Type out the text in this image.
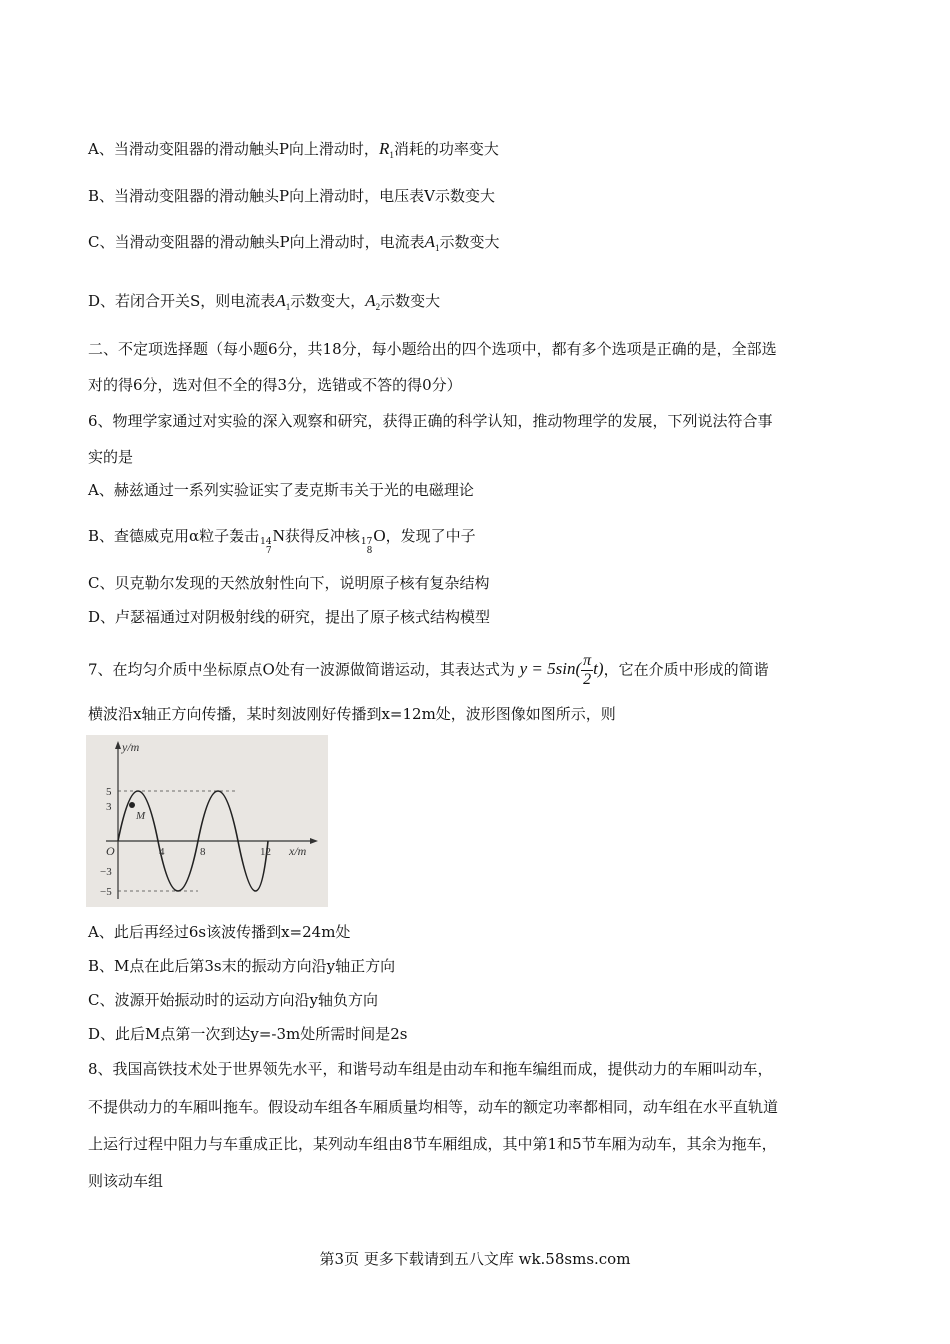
A、当滑动变阻器的滑动触头P向上滑动时，$R_1$消耗的功率变大
B、当滑动变阻器的滑动触头P向上滑动时，电压表V示数变大
C、当滑动变阻器的滑动触头P向上滑动时，电流表$A_1$示数变大
D、若闭合开关S，则电流表$A_1$示数变大，$A_2$示数变大
二、不定项选择题（每小题6分，共18分，每小题给出的四个选项中，都有多个选项是正确的是，全部选
对的得6分，选对但不全的得3分，选错或不答的得0分）
6、物理学家通过对实验的深入观察和研究，获得正确的科学认知，推动物理学的发展，下列说法符合事
实的是
A、赫兹通过一系列实验证实了麦克斯韦关于光的电磁理论
B、查德威克用α粒子轰击 14
7
N获得反冲核 17
8
O，发现了中子
C、贝克勒尔发现的天然放射性向下，说明原子核有复杂结构
D、卢瑟福通过对阴极射线的研究，提出了原子核式结构模型
7、在均匀介质中坐标原点O处有一波源做简谐运动，其表达式为 $y = 5\sin( \frac{\pi}{2} t)$，它在介质中形成的简谐
横波沿x轴正方向传播，某时刻波刚好传播到x=12m处，波形图像如图所示，则
y/m
x/m
O
M
5
3
−3
−5
4	8	12
A、此后再经过6s该波传播到x=24m处
B、M点在此后第3s末的振动方向沿y轴正方向
C、波源开始振动时的运动方向沿y轴负方向
D、此后M点第一次到达y=-3m处所需时间是2s
8、我国高铁技术处于世界领先水平，和谐号动车组是由动车和拖车编组而成，提供动力的车厢叫动车，
不提供动力的车厢叫拖车。假设动车组各车厢质量均相等，动车的额定功率都相同，动车组在水平直轨道
上运行过程中阻力与车重成正比，某列动车组由8节车厢组成，其中第1和5节车厢为动车，其余为拖车，
则该动车组
第3页 更多下载请到五八文库 wk.58sms.com
